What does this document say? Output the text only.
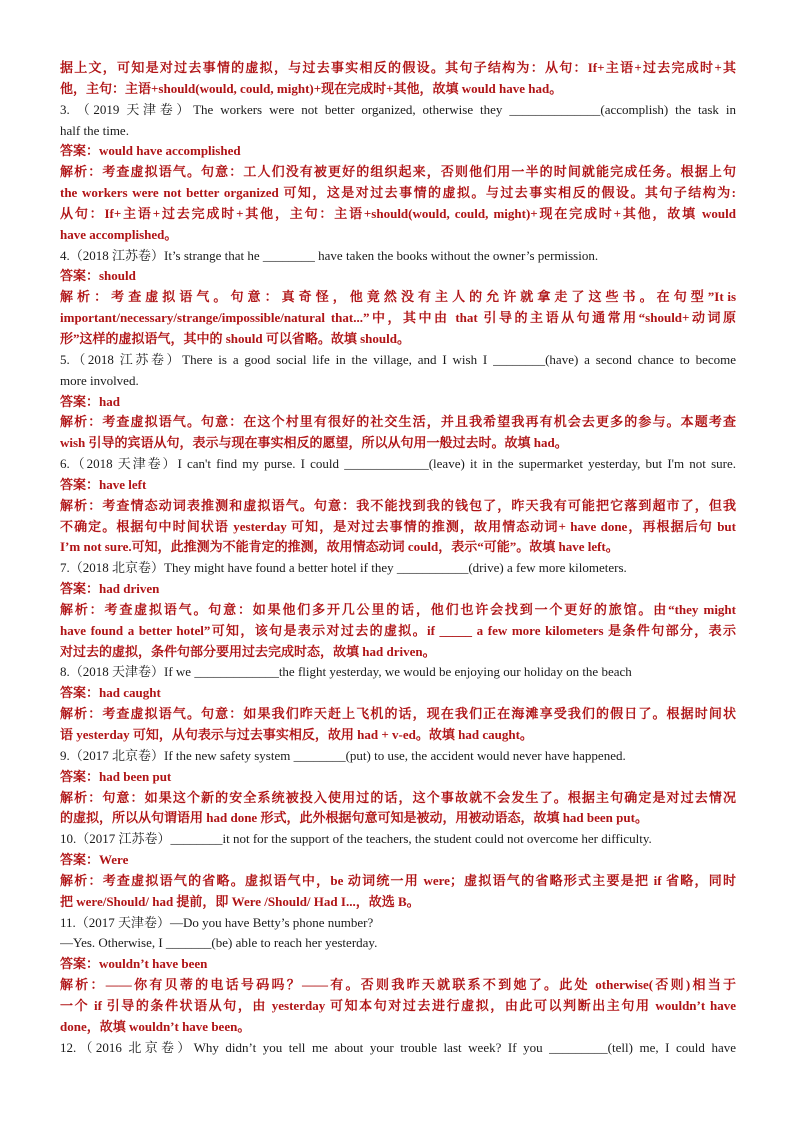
据上文，可知是对过去事情的虚拟，与过去事实相反的假设。其句子结构为：从句：If+主语+过去完成时+其
他，主句：主语+should(would, could, might)+现在完成时+其他，故填 would have had。
3. （2019 天津卷）The workers were not better organized, otherwise they ______________(accomplish) the task in
half the time.
答案：would have accomplished
解析：考查虚拟语气。句意：工人们没有被更好的组织起来，否则他们用一半的时间就能完成任务。根据上句
the workers were not better organized 可知，这是对过去事情的虚拟。与过去事实相反的假设。其句子结构为:
从句：If+主语+过去完成时+其他，主句：主语+should(would, could, might)+现在完成时+其他，故填 would
have accomplished。
4.（2018 江苏卷）It’s strange that he ________ have taken the books without the owner’s permission.
答案：should
解 析 ： 考 查 虚 拟 语 气 。 句 意 ： 真 奇 怪 ， 他 竟 然 没 有 主 人 的 允 许 就 拿 走 了 这 些 书 。 在 句 型 ”It is
important/necessary/strange/impossible/natural that...”中，其中由 that 引导的主语从句通常用“should+动词原
形”这样的虚拟语气，其中的 should 可以省略。故填 should。
5.（2018 江苏卷）There is a good social life in the village, and I wish I ________(have) a second chance to become
more involved.
答案：had
解析：考查虚拟语气。句意：在这个村里有很好的社交生活，并且我希望我再有机会去更多的参与。本题考查
wish 引导的宾语从句，表示与现在事实相反的愿望，所以从句用一般过去时。故填 had。
6.（2018 天津卷）I can't find my purse. I could _____________(leave) it in the supermarket yesterday, but I'm not sure.
答案：have left
解析：考查情态动词表推测和虚拟语气。句意：我不能找到我的钱包了，昨天我有可能把它落到超市了，但我
不确定。根据句中时间状语 yesterday 可知，是对过去事情的推测，故用情态动词+ have done，再根据后句 but
I’m not sure.可知，此推测为不能肯定的推测，故用情态动词 could，表示“可能”。故填 have left。
7.（2018 北京卷）They might have found a better hotel if they ___________(drive) a few more kilometers.
答案：had driven
解析：考查虚拟语气。句意：如果他们多开几公里的话，他们也许会找到一个更好的旅馆。由“they might
have found a better hotel”可知，该句是表示对过去的虚拟。if _____ a few more kilometers 是条件句部分，表示
对过去的虚拟，条件句部分要用过去完成时态，故填 had driven。
8.（2018 天津卷）If we _____________the flight yesterday, we would be enjoying our holiday on the beach
答案：had caught
解析：考查虚拟语气。句意：如果我们昨天赶上飞机的话，现在我们正在海滩享受我们的假日了。根据时间状
语 yesterday 可知，从句表示与过去事实相反，故用 had + v-ed。故填 had caught。
9.（2017 北京卷）If the new safety system ________(put) to use, the accident would never have happened.
答案：had been put
解析：句意：如果这个新的安全系统被投入使用过的话，这个事故就不会发生了。根据主句确定是对过去情况
的虚拟，所以从句谓语用 had done 形式，此外根据句意可知是被动，用被动语态，故填 had been put。
10.（2017 江苏卷）________it not for the support of the teachers, the student could not overcome her difficulty.
答案：Were
解析：考查虚拟语气的省略。虚拟语气中，be 动词统一用 were；虚拟语气的省略形式主要是把 if 省略，同时
把 were/Should/ had 提前，即 Were /Should/ Had I...，故选 B。
11.（2017 天津卷）—Do you have Betty’s phone number?
—Yes. Otherwise, I _______(be) able to reach her yesterday.
答案：wouldn’t have been
解析：——你有贝蒂的电话号码吗？——有。否则我昨天就联系不到她了。此处 otherwise(否则)相当于
一个 if 引导的条件状语从句，由 yesterday 可知本句对过去进行虚拟，由此可以判断出主句用 wouldn’t have
done，故填 wouldn’t have been。
12.（2016 北京卷）Why didn’t you tell me about your trouble last week? If you _________(tell) me, I could have
